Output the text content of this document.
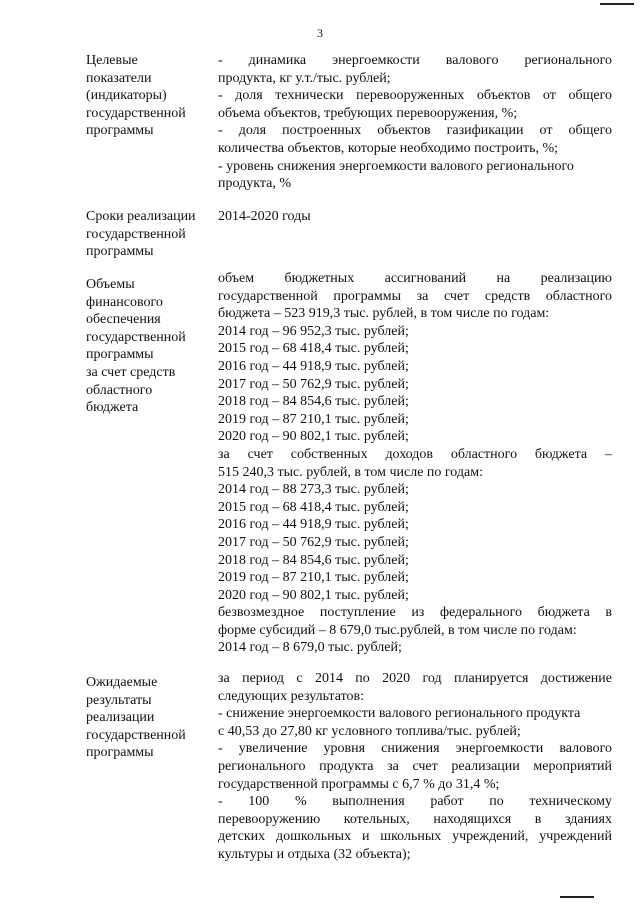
3
Целевые
показатели
(индикаторы)
государственной
программы
- динамика энергоемкости валового регионального
продукта, кг у.т./тыс. рублей;
- доля технически перевооруженных объектов от общего
объема объектов, требующих перевооружения, %;
- доля построенных объектов газификации от общего
количества объектов, которые необходимо построить, %;
- уровень снижения энергоемкости валового регионального
продукта, %
Сроки реализации
государственной
программы
2014-2020 годы
Объемы
финансового
обеспечения
государственной
программы
за счет средств
областного
бюджета
объем бюджетных ассигнований на реализацию
государственной программы за счет средств областного
бюджета – 523 919,3 тыс. рублей, в том числе по годам:
2014 год – 96 952,3 тыс. рублей;
2015 год – 68 418,4 тыс. рублей;
2016 год – 44 918,9 тыс. рублей;
2017 год – 50 762,9 тыс. рублей;
2018 год – 84 854,6 тыс. рублей;
2019 год – 87 210,1 тыс. рублей;
2020 год – 90 802,1 тыс. рублей;
за счет собственных доходов областного бюджета –
515 240,3 тыс. рублей, в том числе по годам:
2014 год – 88 273,3 тыс. рублей;
2015 год – 68 418,4 тыс. рублей;
2016 год – 44 918,9 тыс. рублей;
2017 год – 50 762,9 тыс. рублей;
2018 год – 84 854,6 тыс. рублей;
2019 год – 87 210,1 тыс. рублей;
2020 год – 90 802,1 тыс. рублей;
безвозмездное поступление из федерального бюджета в
форме субсидий – 8 679,0 тыс.рублей, в том числе по годам:
2014 год – 8 679,0 тыс. рублей;
Ожидаемые
результаты
реализации
государственной
программы
за период с 2014 по 2020 год планируется достижение
следующих результатов:
- снижение энергоемкости валового регионального продукта
с 40,53 до 27,80 кг условного топлива/тыс. рублей;
- увеличение уровня снижения энергоемкости валового
регионального продукта за счет реализации мероприятий
государственной программы с 6,7 % до 31,4 %;
- 100 % выполнения работ по техническому
перевооружению котельных, находящихся в зданиях
детских дошкольных и школьных учреждений, учреждений
культуры и отдыха (32 объекта);
